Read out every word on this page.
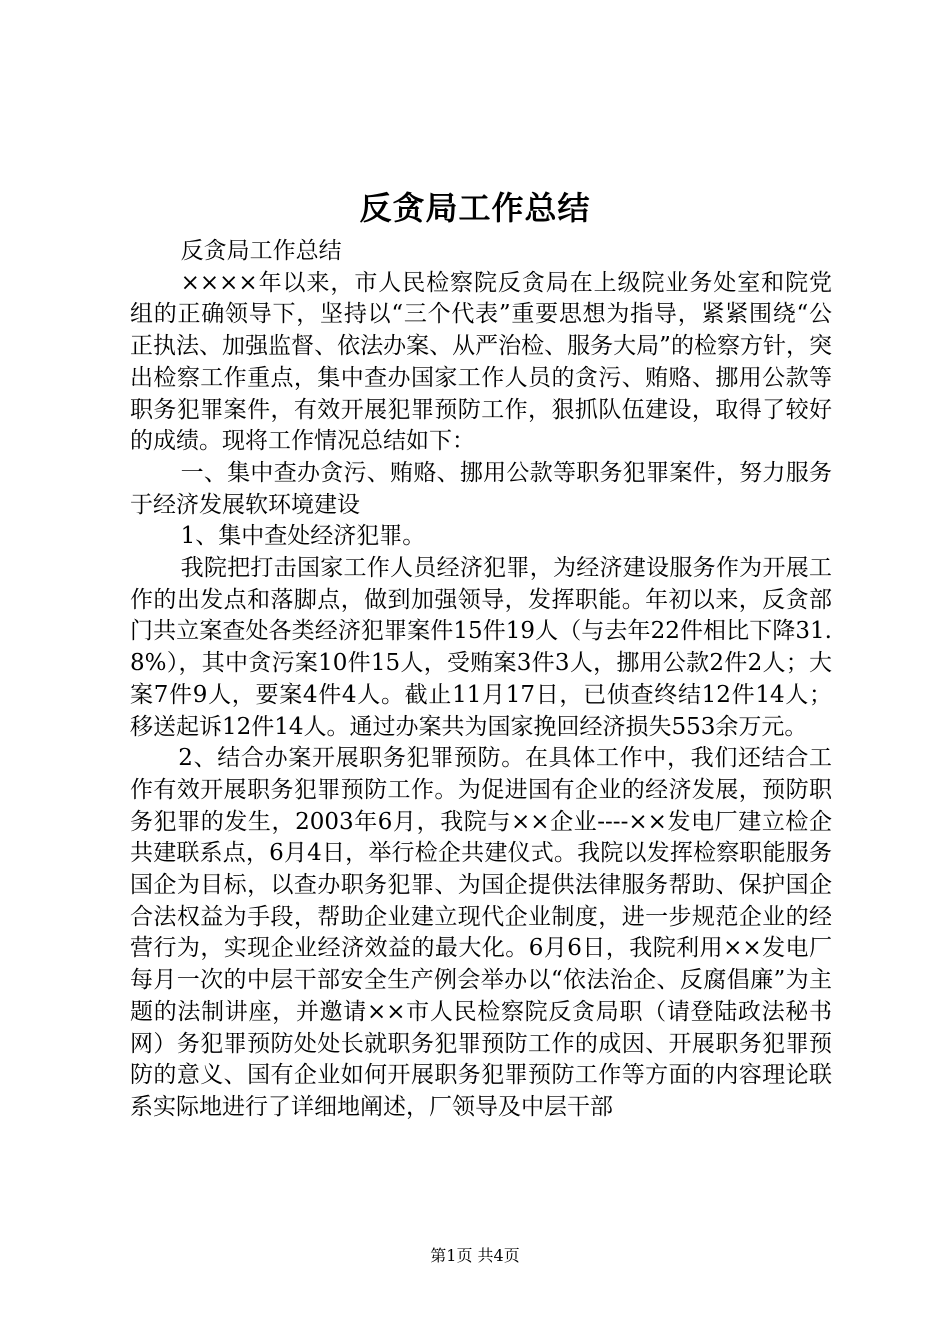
反贪局工作总结

反贪局工作总结

××××年以来，市人民检察院反贪局在上级院业务处室和院党组的正确领导下，坚持以“三个代表”重要思想为指导，紧紧围绕“公正执法、加强监督、依法办案、从严治检、服务大局”的检察方针，突出检察工作重点，集中查办国家工作人员的贪污、贿赂、挪用公款等职务犯罪案件，有效开展犯罪预防工作，狠抓队伍建设，取得了较好的成绩。现将工作情况总结如下：

一、集中查办贪污、贿赂、挪用公款等职务犯罪案件，努力服务于经济发展软环境建设

1、集中查处经济犯罪。

我院把打击国家工作人员经济犯罪，为经济建设服务作为开展工作的出发点和落脚点，做到加强领导，发挥职能。年初以来，反贪部门共立案查处各类经济犯罪案件15件19人（与去年22件相比下降31.8%），其中贪污案10件15人，受贿案3件3人，挪用公款2件2人；大案7件9人，要案4件4人。截止11月17日，已侦查终结12件14人；移送起诉12件14人。通过办案共为国家挽回经济损失553余万元。

2、结合办案开展职务犯罪预防。在具体工作中，我们还结合工作有效开展职务犯罪预防工作。为促进国有企业的经济发展，预防职务犯罪的发生，2003年6月，我院与××企业----××发电厂建立检企共建联系点，6月4日，举行检企共建仪式。我院以发挥检察职能服务国企为目标，以查办职务犯罪、为国企提供法律服务帮助、保护国企合法权益为手段，帮助企业建立现代企业制度，进一步规范企业的经营行为，实现企业经济效益的最大化。6月6日，我院利用××发电厂每月一次的中层干部安全生产例会举办以“依法治企、反腐倡廉”为主题的法制讲座，并邀请××市人民检察院反贪局职（请登陆政法秘书网）务犯罪预防处处长就职务犯罪预防工作的成因、开展职务犯罪预防的意义、国有企业如何开展职务犯罪预防工作等方面的内容理论联系实际地进行了详细地阐述，厂领导及中层干部

第1页 共4页
